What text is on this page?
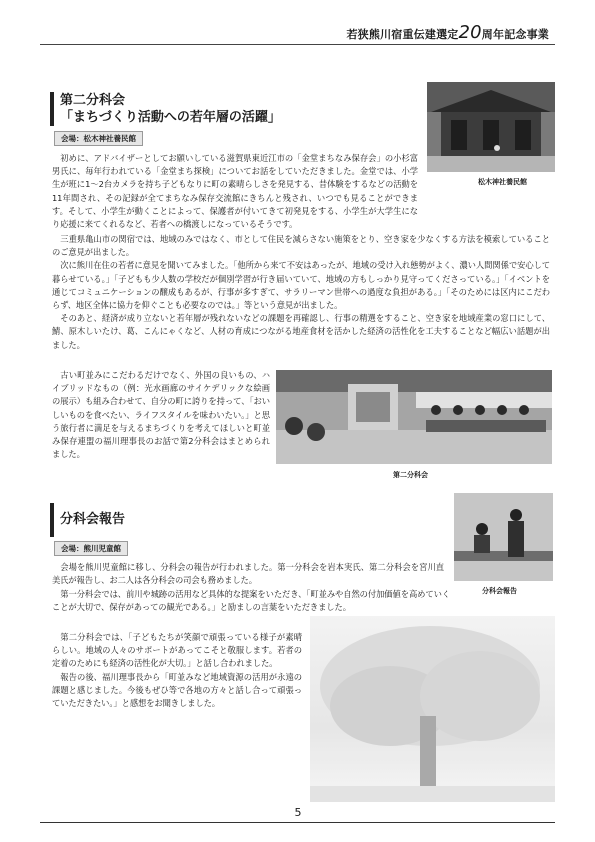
若狭熊川宿重伝建選定20周年記念事業
第二分科会
「まちづくり活動への若年層の活躍」
会場：松木神社養民館
松木神社養民館

初めに、アドバイザーとしてお願いしている滋賀県東近江市の「金堂まちなみ保存会」の小杉富男氏に、毎年行われている「金堂まち探検」についてお話をしていただきました。金堂では、小学生が班に1～2台カメラを持ち子どもなりに町の素晴らしさを発見する、昔体験をするなどの活動を11年間され、その記録が全てまちなみ保存交流館にきちんと残され、いつでも見ることができます。そして、小学生が動くことによって、保護者が付いてきて初発見をする、小学生が大学生になり応援に来てくれるなど、若者への橋渡しになっているそうです。

三重県亀山市の関宿では、地域のみではなく、市として住民を減らさない施策をとり、空き家を少なくする方法を模索していることのご意見が出ました。

次に熊川在住の若者に意見を聞いてみました。「他所から来て不安はあったが、地域の受け入れ態勢がよく、濃い人間関係で安心して暮らせている。」「子どもも少人数の学校だが個別学習が行き届いていて、地域の方もしっかり見守ってくださっている。」「イベントを通じてコミュニケーションの醸成もあるが、行事が多すぎて、サラリーマン世帯への過度な負担がある。」「そのためには区内にこだわらず、地区全体に協力を仰ぐことも必要なのでは。」等という意見が出ました。

そのあと、経済が成り立ないと若年層が残れないなどの課題を再確認し、行事の精選をすること、空き家を地域産業の窓口にして、鯖、原木しいたけ、葛、こんにゃくなど、人材の育成につながる地産食材を活かした経済の活性化を工夫することなど幅広い話題が出ました。

古い町並みにこだわるだけでなく、外国の良いもの、ハイブリッドなもの（例：光水画廊のサイケデリックな絵画の展示）も組み合わせて、自分の町に誇りを持って、「おいしいものを食べたい、ライフスタイルを味わいたい。」と思う旅行者に満足を与えるまちづくりを考えてほしいと町並み保存連盟の福川理事長のお話で第2分科会はまとめられました。

第二分科会
分科会報告
会場：熊川児童館
分科会報告

会場を熊川児童館に移し、分科会の報告が行われました。第一分科会を岩本実氏、第二分科会を宮川直美氏が報告し、お二人は各分科会の司会も務めました。

第一分科会では、前川や城跡の活用など具体的な提案をいただき、「町並みや自然の付加価値を高めていくことが大切で、保存があっての観光である。」と励ましの言葉をいただきました。

第二分科会では、「子どもたちが笑顔で頑張っている様子が素晴らしい。地域の人々のサポートがあってこそと敬服します。若者の定着のためにも経済の活性化が大切。」と話し合われました。

報告の後、福川理事長から「町並みなど地域資源の活用が永遠の課題と感じました。今後もぜひ等で各地の方々と話し合って頑張っていただきたい。」と感想をお聞きしました。

5
